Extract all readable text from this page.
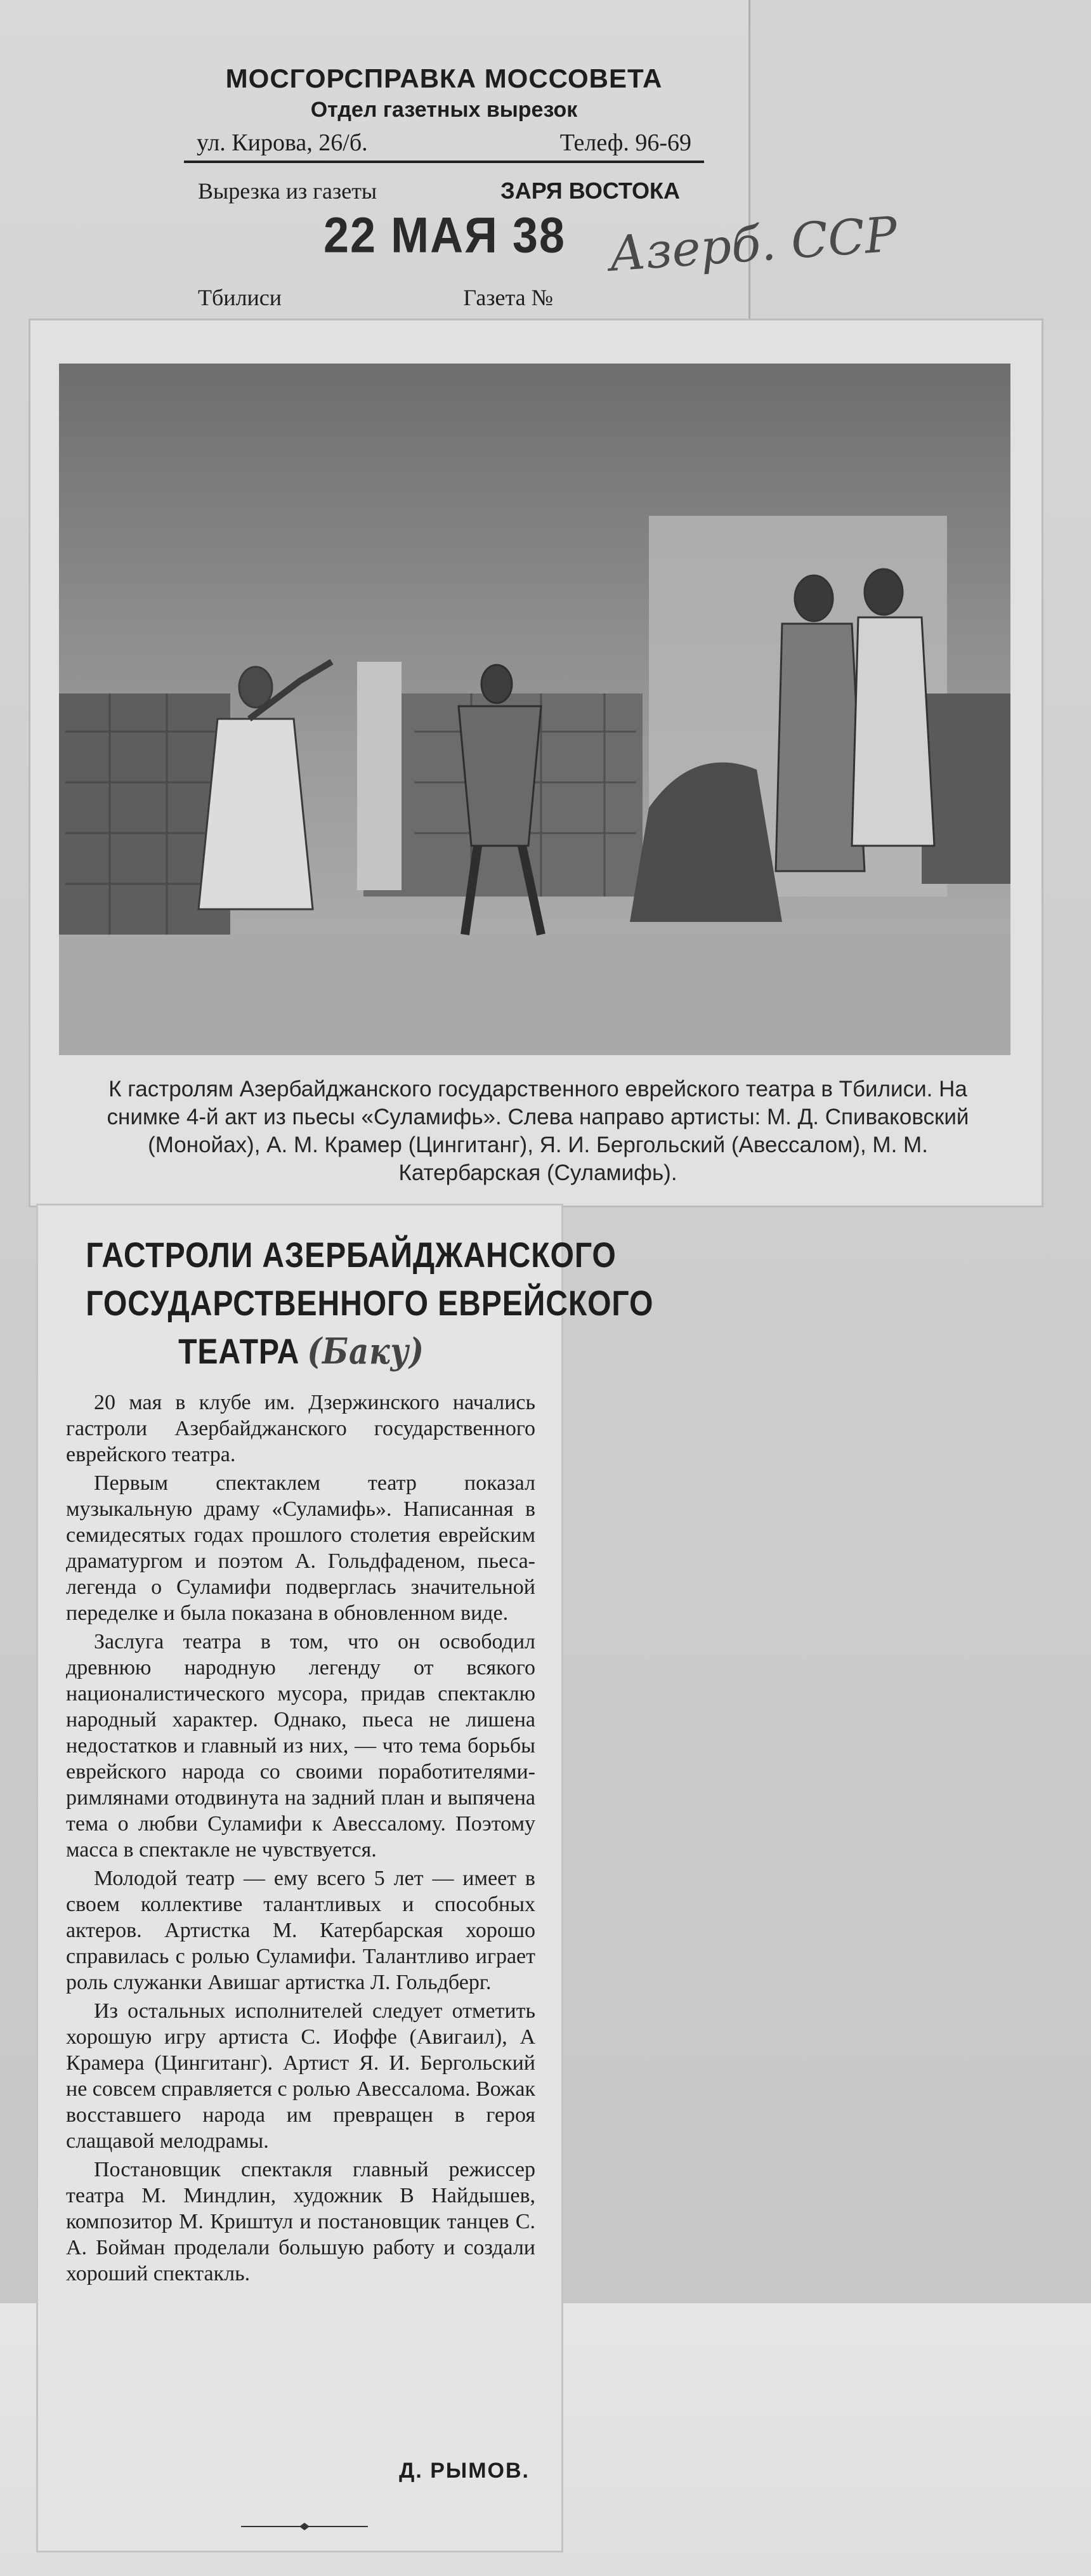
МОСГОРСПРАВКА МОССОВЕТА
Отдел газетных вырезок
ул. Кирова, 26/б.	Телеф. 96-69
Вырезка из газеты	ЗАРЯ ВОСТОКА
22 МАЯ 38 Азерб. ССР
Тбилиси	Газета №
К гастролям Азербайджанского государственного еврейского театра в Тбилиси. На снимке 4-й акт из пьесы «Суламифь». Слева направо артисты: М. Д. Спиваковский (Монойах), А. М. Крамер (Цингитанг), Я. И. Бергольский (Авессалом), М. М. Катербарская (Суламифь).
ГАСТРОЛИ АЗЕРБАЙДЖАНСКОГО
ГОСУДАРСТВЕННОГО ЕВРЕЙСКОГО
ТЕАТРА (Баку)

20 мая в клубе им. Дзержинского начались гастроли Азербайджанского государственного еврейского театра.

Первым спектаклем театр показал музыкальную драму «Суламифь». Написанная в семидесятых годах прошлого столетия еврейским драматургом и поэтом А. Гольдфаденом, пьеса-легенда о Суламифи подверглась значительной переделке и была показана в обновленном виде.

Заслуга театра в том, что он освободил древнюю народную легенду от всякого националистического мусора, придав спектаклю народный характер. Однако, пьеса не лишена недостатков и главный из них, — что тема борьбы еврейского народа со своими поработителями-римлянами отодвинута на задний план и выпячена тема о любви Суламифи к Авессалому. Поэтому масса в спектакле не чувствуется.

Молодой театр — ему всего 5 лет — имеет в своем коллективе талантливых и способных актеров. Артистка М. Катербарская хорошо справилась с ролью Суламифи. Талантливо играет роль служанки Авишаг артистка Л. Гольдберг.

Из остальных исполнителей следует отметить хорошую игру артиста С. Иоффе (Авигаил), А Крамера (Цингитанг). Артист Я. И. Бергольский не совсем справляется с ролью Авессалома. Вожак восставшего народа им превращен в героя слащавой мелодрамы.

Постановщик спектакля главный режиссер театра М. Миндлин, художник В Найдышев, композитор М. Криштул и постановщик танцев С. А. Бойман проделали большую работу и создали хороший спектакль.

Д. РЫМОВ.
